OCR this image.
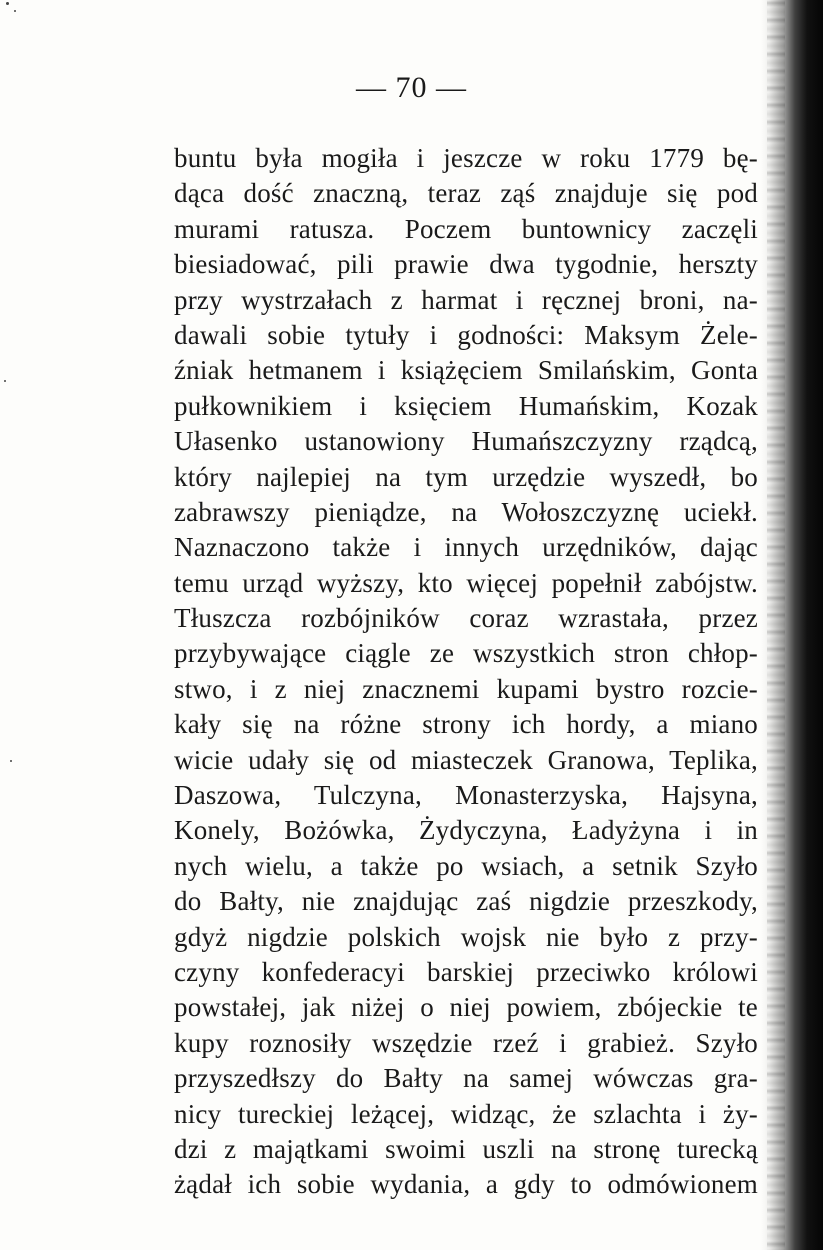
— 70 —
buntu była mogiła i jeszcze w roku 1779 bę-
dąca dość znaczną, teraz ząś znajduje się pod
murami ratusza. Poczem buntownicy zaczęli
biesiadować, pili prawie dwa tygodnie, herszty
przy wystrzałach z harmat i ręcznej broni, na-
dawali sobie tytuły i godności: Maksym Żele-
źniak hetmanem i książęciem Smilańskim, Gonta
pułkownikiem i księciem Humańskim, Kozak
Ułasenko ustanowiony Humańszczyzny rządcą,
który najlepiej na tym urzędzie wyszedł, bo
zabrawszy pieniądze, na Wołoszczyznę uciekł.
Naznaczono także i innych urzędników, dając
temu urząd wyższy, kto więcej popełnił zabójstw.
Tłuszcza rozbójników coraz wzrastała, przez
przybywające ciągle ze wszystkich stron chłop-
stwo, i z niej znacznemi kupami bystro rozcie-
kały się na różne strony ich hordy, a miano
wicie udały się od miasteczek Granowa, Teplika,
Daszowa, Tulczyna, Monasterzyska, Hajsyna,
Konely, Bożówka, Żydyczyna, Ładyżyna i in
nych wielu, a także po wsiach, a setnik Szyło
do Bałty, nie znajdując zaś nigdzie przeszkody,
gdyż nigdzie polskich wojsk nie było z przy-
czyny konfederacyi barskiej przeciwko królowi
powstałej, jak niżej o niej powiem, zbójeckie te
kupy roznosiły wszędzie rzeź i grabież. Szyło
przyszedłszy do Bałty na samej wówczas gra-
nicy tureckiej leżącej, widząc, że szlachta i ży-
dzi z majątkami swoimi uszli na stronę turecką
żądał ich sobie wydania, a gdy to odmówionem
